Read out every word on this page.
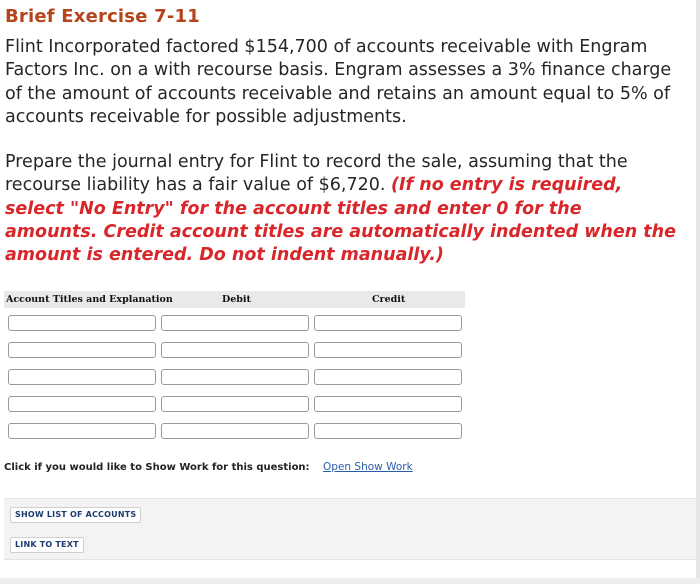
Brief Exercise 7-11
Flint Incorporated factored $154,700 of accounts receivable with Engram Factors Inc. on a with recourse basis. Engram assesses a 3% finance charge of the amount of accounts receivable and retains an amount equal to 5% of accounts receivable for possible adjustments.
Prepare the journal entry for Flint to record the sale, assuming that the recourse liability has a fair value of $6,720. (If no entry is required, select "No Entry" for the account titles and enter 0 for the amounts. Credit account titles are automatically indented when the amount is entered. Do not indent manually.)
Account Titles and Explanation	Debit	Credit
Click if you would like to Show Work for this question: Open Show Work
SHOW LIST OF ACCOUNTS
LINK TO TEXT
